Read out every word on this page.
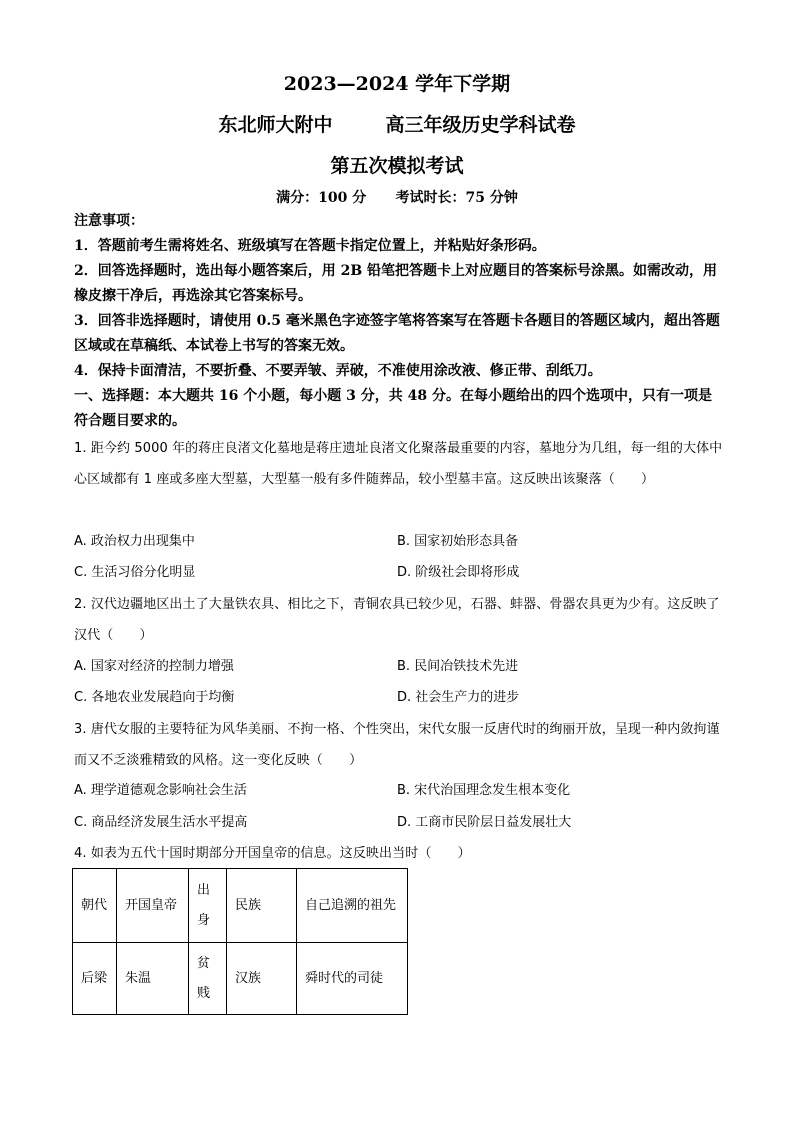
2023—2024 学年下学期
东北师大附中        高三年级历史学科试卷
第五次模拟考试
满分：100 分      考试时长：75 分钟
注意事项：
1．答题前考生需将姓名、班级填写在答题卡指定位置上，并粘贴好条形码。
2．回答选择题时，选出每小题答案后，用 2B 铅笔把答题卡上对应题目的答案标号涂黑。如需改动，用橡皮擦干净后，再选涂其它答案标号。
3．回答非选择题时，请使用 0.5 毫米黑色字迹签字笔将答案写在答题卡各题目的答题区域内，超出答题区域或在草稿纸、本试卷上书写的答案无效。
4．保持卡面清洁，不要折叠、不要弄皱、弄破，不准使用涂改液、修正带、刮纸刀。
一、选择题：本大题共 16 个小题，每小题 3 分，共 48 分。在每小题给出的四个选项中，只有一项是符合题目要求的。
1. 距今约 5000 年的蒋庄良渚文化墓地是蒋庄遗址良渚文化聚落最重要的内容，墓地分为几组，每一组的大体中心区域都有 1 座或多座大型墓，大型墓一般有多件随葬品，较小型墓丰富。这反映出该聚落（　　）
A. 政治权力出现集中	B. 国家初始形态具备
C. 生活习俗分化明显	D. 阶级社会即将形成
2. 汉代边疆地区出土了大量铁农具、相比之下，青铜农具已较少见，石器、蚌器、骨器农具更为少有。这反映了汉代（　　）
A. 国家对经济的控制力增强	B. 民间冶铁技术先进
C. 各地农业发展趋向于均衡	D. 社会生产力的进步
3. 唐代女服的主要特征为风华美丽、不拘一格、个性突出，宋代女服一反唐代时的绚丽开放，呈现一种内敛拘谨而又不乏淡雅精致的风格。这一变化反映（　　）
A. 理学道德观念影响社会生活	B. 宋代治国理念发生根本变化
C. 商品经济发展生活水平提高	D. 工商市民阶层日益发展壮大
4. 如表为五代十国时期部分开国皇帝的信息。这反映出当时（　　）
朝代	开国皇帝	出身	民族	自己追溯的祖先
后梁	朱温	贫贱	汉族	舜时代的司徒
